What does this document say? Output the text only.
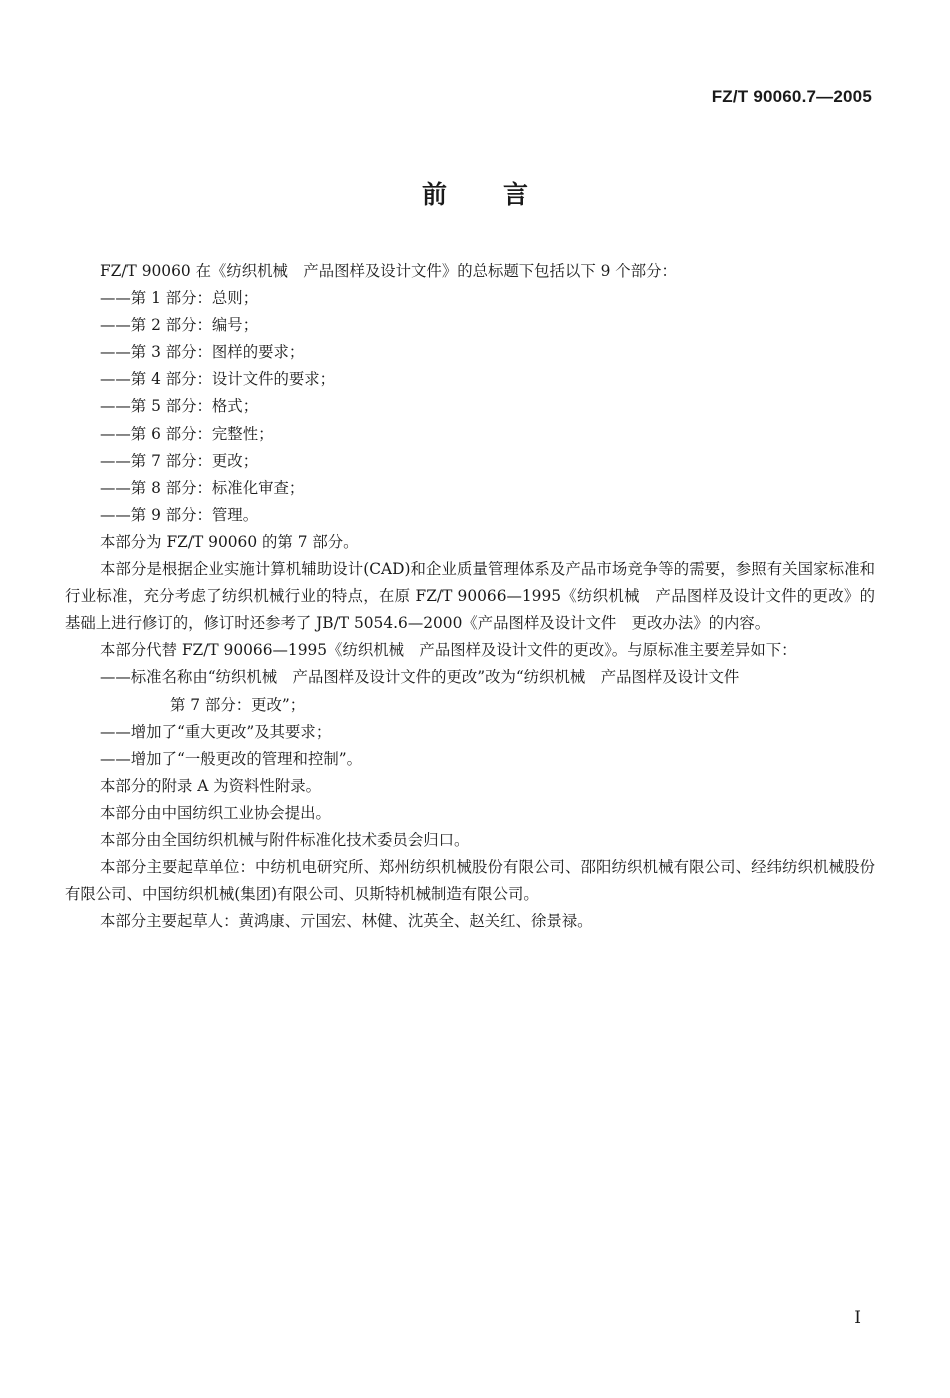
FZ/T 90060.7—2005
前 言

FZ/T 90060 在《纺织机械　产品图样及设计文件》的总标题下包括以下 9 个部分：

——第 1 部分：总则；

——第 2 部分：编号；

——第 3 部分：图样的要求；

——第 4 部分：设计文件的要求；

——第 5 部分：格式；

——第 6 部分：完整性；

——第 7 部分：更改；

——第 8 部分：标准化审查；

——第 9 部分：管理。

本部分为 FZ/T 90060 的第 7 部分。

本部分是根据企业实施计算机辅助设计(CAD)和企业质量管理体系及产品市场竞争等的需要，参照有关国家标准和行业标准，充分考虑了纺织机械行业的特点，在原 FZ/T 90066—1995《纺织机械　产品图样及设计文件的更改》的基础上进行修订的，修订时还参考了 JB/T 5054.6—2000《产品图样及设计文件　更改办法》的内容。

本部分代替 FZ/T 90066—1995《纺织机械　产品图样及设计文件的更改》。与原标准主要差异如下：

——标准名称由“纺织机械　产品图样及设计文件的更改”改为“纺织机械　产品图样及设计文件
第 7 部分：更改”；

——增加了“重大更改”及其要求；

——增加了“一般更改的管理和控制”。

本部分的附录 A 为资料性附录。

本部分由中国纺织工业协会提出。

本部分由全国纺织机械与附件标准化技术委员会归口。

本部分主要起草单位：中纺机电研究所、郑州纺织机械股份有限公司、邵阳纺织机械有限公司、经纬纺织机械股份有限公司、中国纺织机械(集团)有限公司、贝斯特机械制造有限公司。

本部分主要起草人：黄鸿康、亓国宏、林健、沈英全、赵关红、徐景禄。

I
